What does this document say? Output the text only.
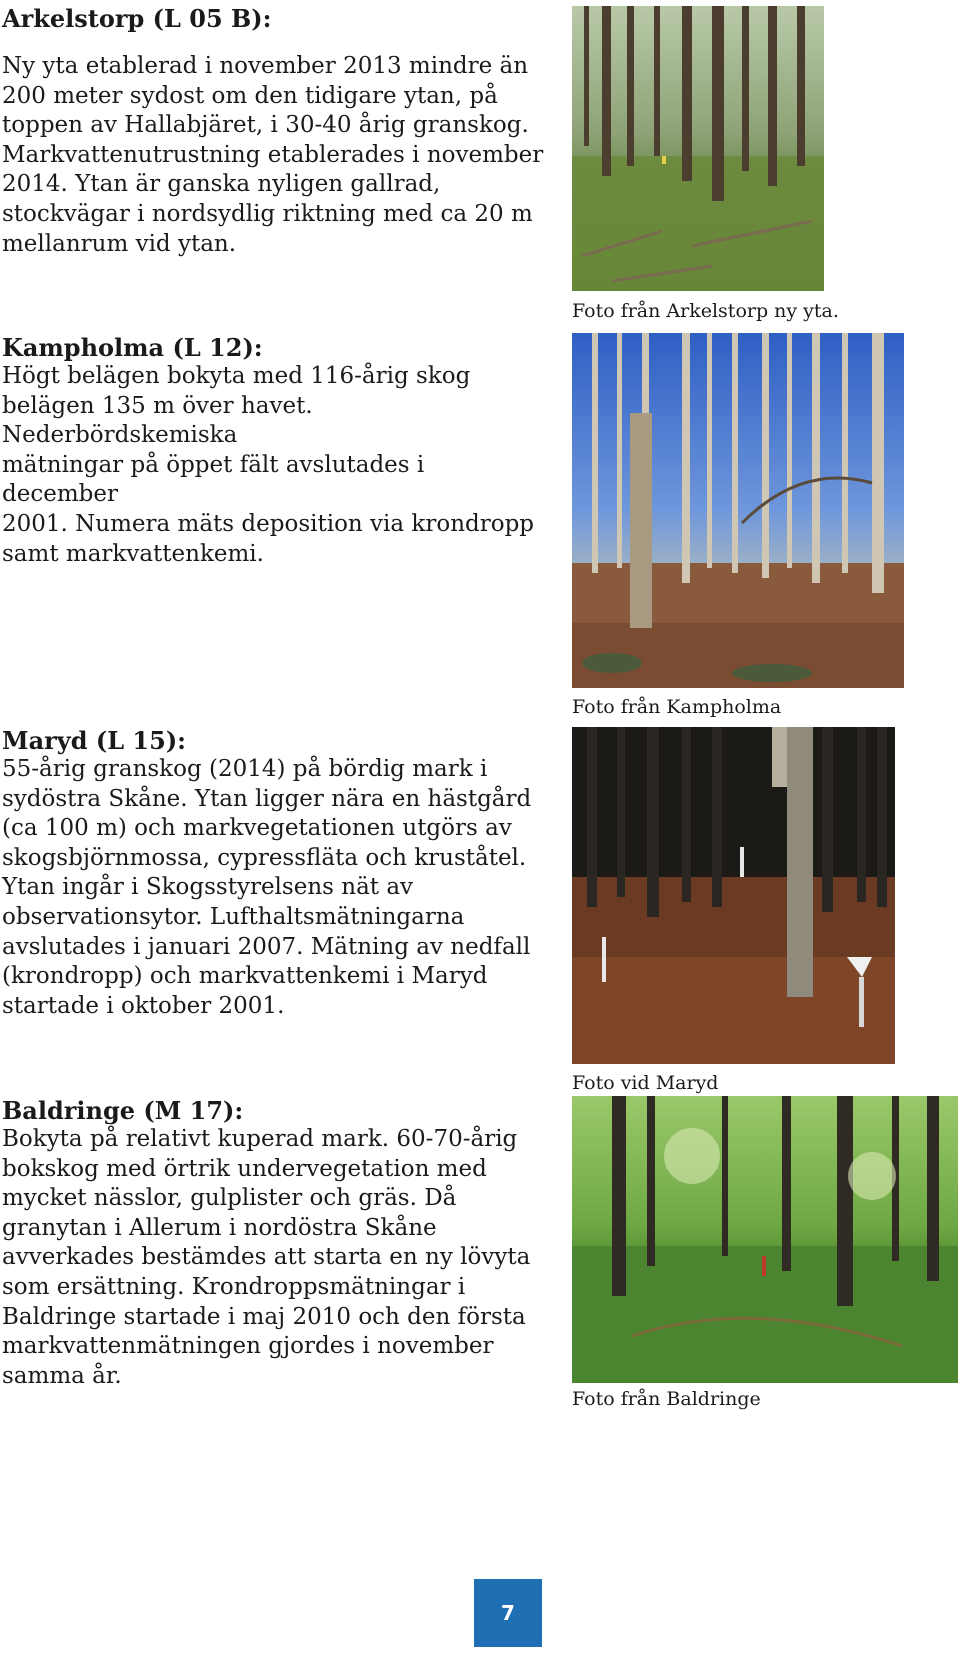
Arkelstorp (L 05 B):

Ny yta etablerad i november 2013 mindre än
200 meter sydost om den tidigare ytan, på
toppen av Hallabjäret, i 30-40 årig granskog.
Markvattenutrustning etablerades i november
2014. Ytan är ganska nyligen gallrad,
stockvägar i nordsydlig riktning med ca 20 m
mellanrum vid ytan.

Kampholma (L 12):

Högt belägen bokyta med 116-årig skog
belägen 135 m över havet. Nederbördskemiska
mätningar på öppet fält avslutades i december
2001. Numera mäts deposition via krondropp
samt markvattenkemi.

Maryd (L 15):

55-årig granskog (2014) på bördig mark i
sydöstra Skåne. Ytan ligger nära en hästgård
(ca 100 m) och markvegetationen utgörs av
skogsbjörnmossa, cypressfläta och kruståtel.
Ytan ingår i Skogsstyrelsens nät av
observationsytor. Lufthaltsmätningarna
avslutades i januari 2007. Mätning av nedfall
(krondropp) och markvattenkemi i Maryd
startade i oktober 2001.

Baldringe (M 17):

Bokyta på relativt kuperad mark. 60-70-årig
bokskog med örtrik undervegetation med
mycket nässlor, gulplister och gräs. Då
granytan i Allerum i nordöstra Skåne
avverkades bestämdes att starta en ny lövyta
som ersättning. Krondroppsmätningar i
Baldringe startade i maj 2010 och den första
markvattenmätningen gjordes i november
samma år.

Foto från Arkelstorp ny yta.
Foto från Kampholma
Foto vid Maryd
Foto från Baldringe
7
